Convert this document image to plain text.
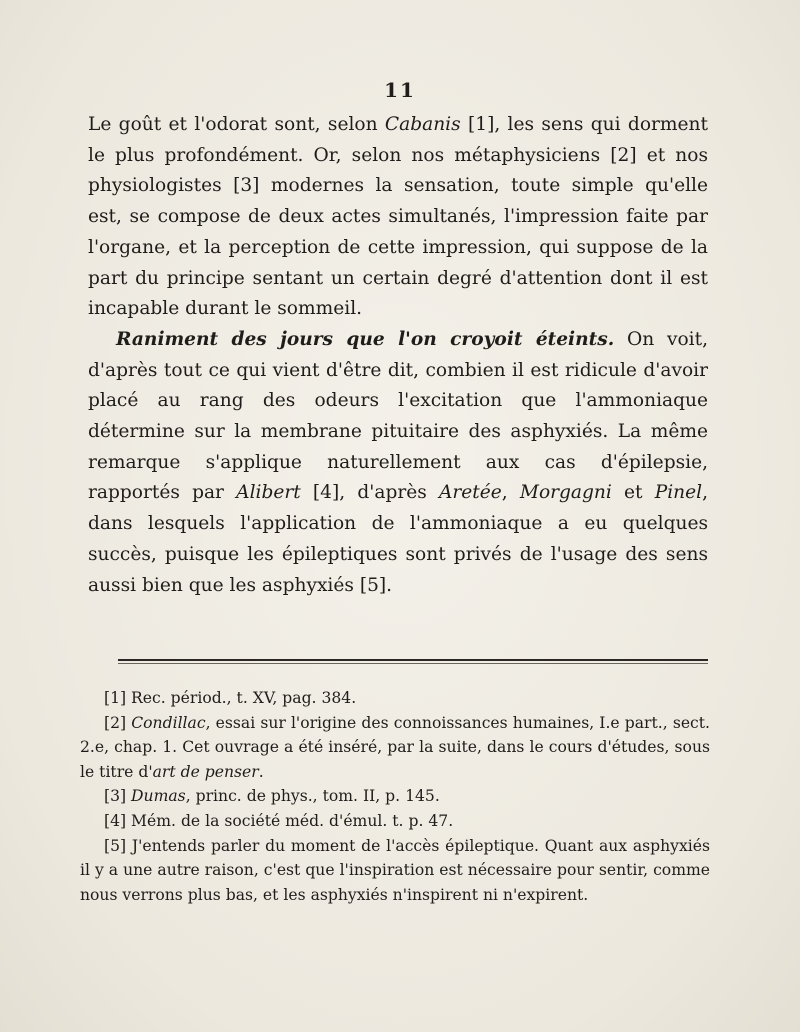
11

Le goût et l'odorat sont, selon Cabanis [1], les sens qui dorment le plus profondément. Or, selon nos métaphysiciens [2] et nos physiologistes [3] modernes la sensation, toute simple qu'elle est, se compose de deux actes simultanés, l'impression faite par l'organe, et la perception de cette impression, qui suppose de la part du principe sentant un certain degré d'attention dont il est incapable durant le sommeil.

Raniment des jours que l'on croyoit éteints. On voit, d'après tout ce qui vient d'être dit, combien il est ridicule d'avoir placé au rang des odeurs l'excitation que l'ammoniaque détermine sur la membrane pituitaire des asphyxiés. La même remarque s'applique naturellement aux cas d'épilepsie, rapportés par Alibert [4], d'après Aretée, Morgagni et Pinel, dans lesquels l'application de l'ammoniaque a eu quelques succès, puisque les épileptiques sont privés de l'usage des sens aussi bien que les asphyxiés [5].

[1] Rec. périod., t. XV, pag. 384.

[2] Condillac, essai sur l'origine des connoissances humaines, I.e part., sect. 2.e, chap. 1. Cet ouvrage a été inséré, par la suite, dans le cours d'études, sous le titre d'art de penser.

[3] Dumas, princ. de phys., tom. II, p. 145.

[4] Mém. de la société méd. d'émul. t. p. 47.

[5] J'entends parler du moment de l'accès épileptique. Quant aux asphyxiés il y a une autre raison, c'est que l'inspiration est nécessaire pour sentir, comme nous verrons plus bas, et les asphyxiés n'inspirent ni n'expirent.
